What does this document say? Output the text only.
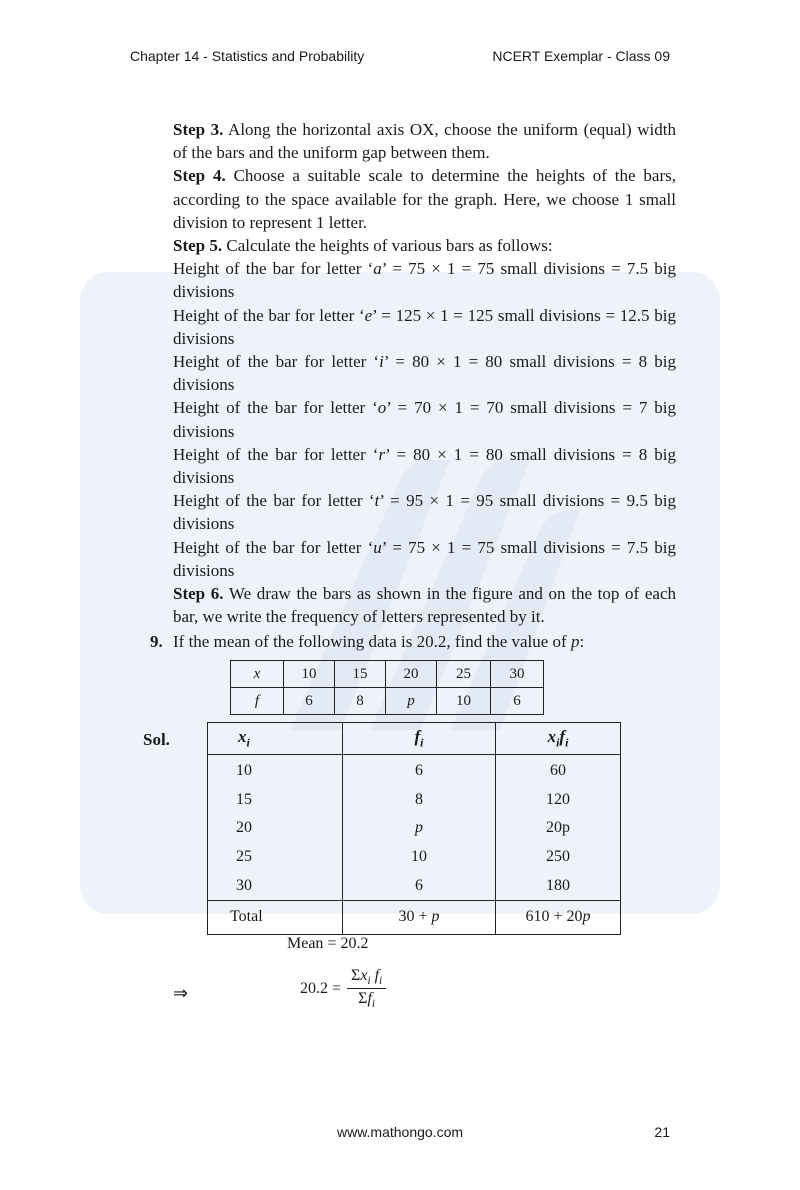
Chapter 14 - Statistics and Probability	NCERT Exemplar - Class 09

Step 3. Along the horizontal axis OX, choose the uniform (equal) width of the bars and the uniform gap between them.

Step 4. Choose a suitable scale to determine the heights of the bars, according to the space available for the graph. Here, we choose 1 small division to represent 1 letter.

Step 5. Calculate the heights of various bars as follows:

Height of the bar for letter ‘a’ = 75 × 1 = 75 small divisions = 7.5 big divisions

Height of the bar for letter ‘e’ = 125 × 1 = 125 small divisions = 12.5 big divisions

Height of the bar for letter ‘i’ = 80 × 1 = 80 small divisions = 8 big divisions

Height of the bar for letter ‘o’ = 70 × 1 = 70 small divisions = 7 big divisions

Height of the bar for letter ‘r’ = 80 × 1 = 80 small divisions = 8 big divisions

Height of the bar for letter ‘t’ = 95 × 1 = 95 small divisions = 9.5 big divisions

Height of the bar for letter ‘u’ = 75 × 1 = 75 small divisions = 7.5 big divisions

Step 6. We draw the bars as shown in the figure and on the top of each bar, we write the frequency of letters represented by it.

9. If the mean of the following data is 20.2, find the value of p:
x	10	15	20	25	30
f	6	8	p	10	6
Sol.	$x_i$	$f_i$	$x_if_i$
10	6	60
15	8	120
20	p	20p
25	10	250
30	6	180
Total	30 + p	610 + 20p
Mean = 20.2
⇒	$20.2 = \frac{\Sigma x_i f_i}{\Sigma f_i}$
www.mathongo.com	21
